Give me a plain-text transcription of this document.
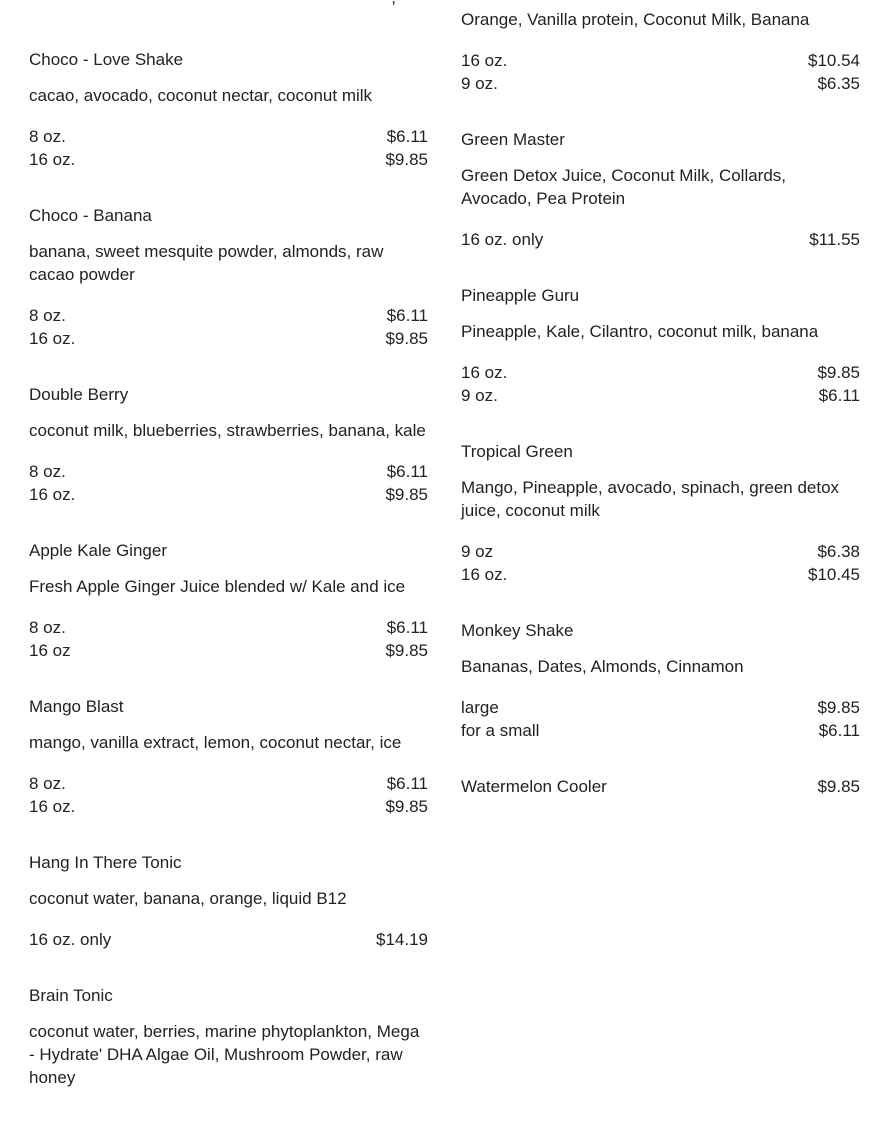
Choco - Love Shake
cacao, avocado, coconut nectar, coconut milk
8 oz.	$6.11
16 oz.	$9.85
Choco - Banana
banana, sweet mesquite powder, almonds, raw cacao powder
8 oz.	$6.11
16 oz.	$9.85
Double Berry
coconut milk, blueberries, strawberries, banana, kale
8 oz.	$6.11
16 oz.	$9.85
Apple Kale Ginger
Fresh Apple Ginger Juice blended w/ Kale and ice
8 oz.	$6.11
16 oz	$9.85
Mango Blast
mango, vanilla extract, lemon, coconut nectar, ice
8 oz.	$6.11
16 oz.	$9.85
Hang In There Tonic
coconut water, banana, orange, liquid B12
16 oz. only	$14.19
Brain Tonic
coconut water, berries, marine phytoplankton, Mega - Hydrate' DHA Algae Oil, Mushroom Powder, raw honey
Orange, Vanilla protein, Coconut Milk, Banana
16 oz.	$10.54
9 oz.	$6.35
Green Master
Green Detox Juice, Coconut Milk, Collards, Avocado, Pea Protein
16 oz. only	$11.55
Pineapple Guru
Pineapple, Kale, Cilantro, coconut milk, banana
16 oz.	$9.85
9 oz.	$6.11
Tropical Green
Mango, Pineapple, avocado, spinach, green detox juice, coconut milk
9 oz	$6.38
16 oz.	$10.45
Monkey Shake
Bananas, Dates, Almonds, Cinnamon
large	$9.85
for a small	$6.11
Watermelon Cooler	$9.85
